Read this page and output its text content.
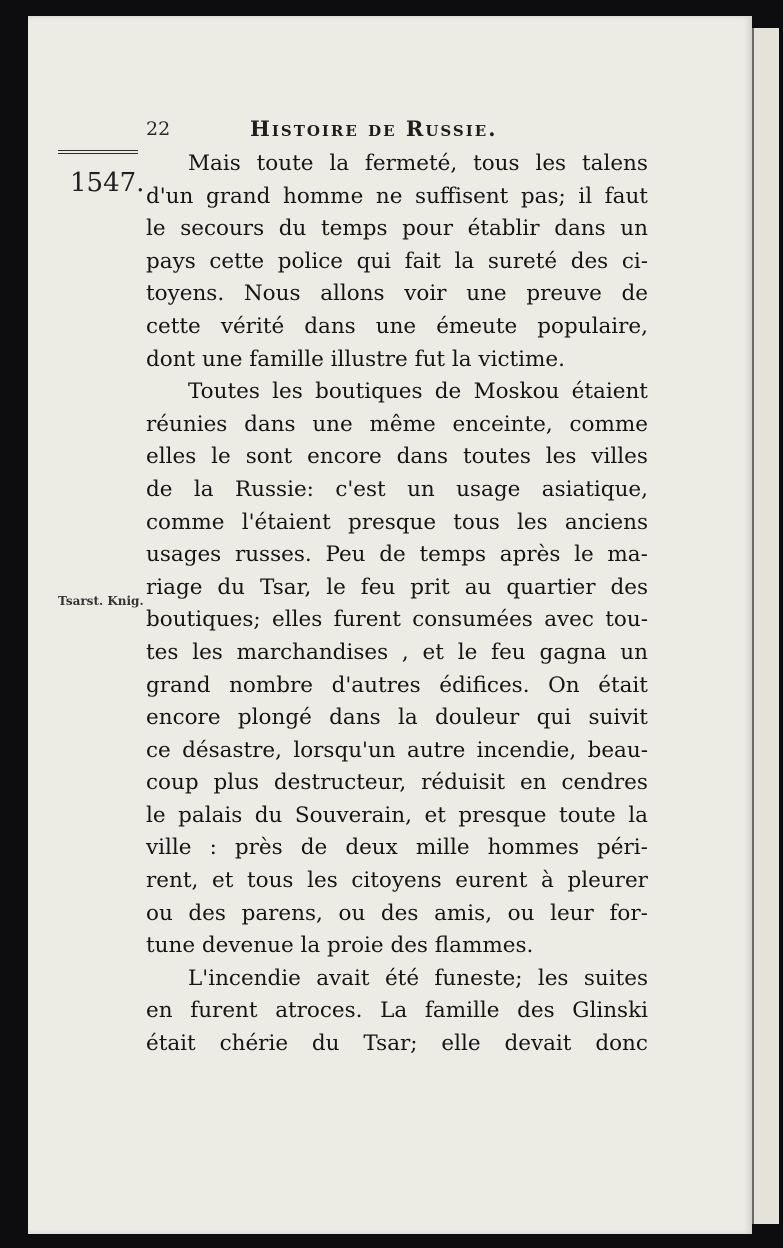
22	Histoire de Russie.
1547.
Tsarst. Knig.
Mais toute la fermeté, tous les talens
d'un grand homme ne suffisent pas; il faut
le secours du temps pour établir dans un
pays cette police qui fait la sureté des ci-
toyens. Nous allons voir une preuve de
cette vérité dans une émeute populaire,
dont une famille illustre fut la victime.
Toutes les boutiques de Moskou étaient
réunies dans une même enceinte, comme
elles le sont encore dans toutes les villes
de la Russie: c'est un usage asiatique,
comme l'étaient presque tous les anciens
usages russes. Peu de temps après le ma-
riage du Tsar, le feu prit au quartier des
boutiques; elles furent consumées avec tou-
tes les marchandises , et le feu gagna un
grand nombre d'autres édifices. On était
encore plongé dans la douleur qui suivit
ce désastre, lorsqu'un autre incendie, beau-
coup plus destructeur, réduisit en cendres
le palais du Souverain, et presque toute la
ville : près de deux mille hommes péri-
rent, et tous les citoyens eurent à pleurer
ou des parens, ou des amis, ou leur for-
tune devenue la proie des flammes.
L'incendie avait été funeste; les suites
en furent atroces. La famille des Glinski
était chérie du Tsar; elle devait donc
